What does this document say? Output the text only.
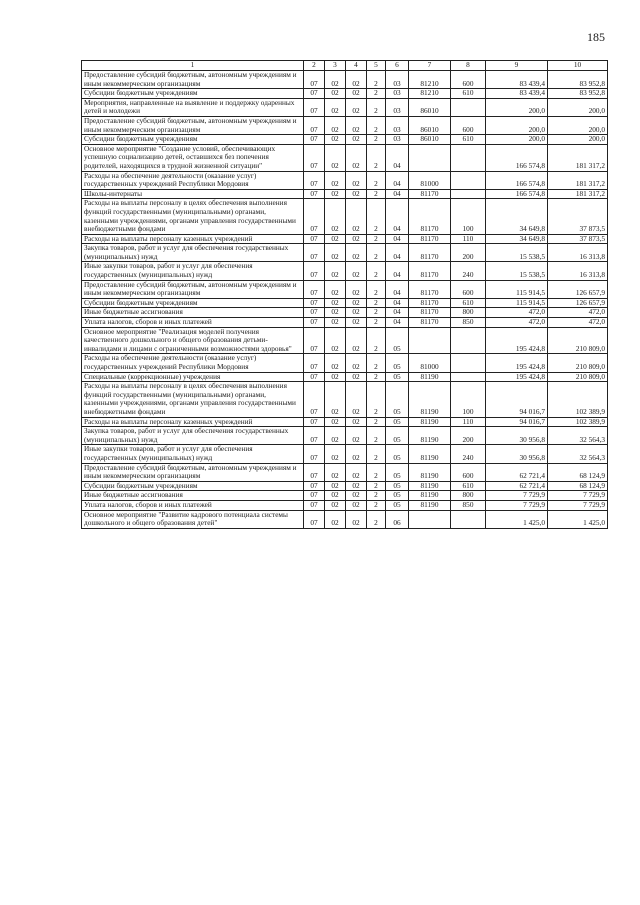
185
1	2	3	4	5	6	7	8	9	10
Предоставление субсидий бюджетным, автономным учреждениям и иным некоммерческим организациям	07	02	02	2	03	81210	600	83 439,4	83 952,8
Субсидии бюджетным учреждениям	07	02	02	2	03	81210	610	83 439,4	83 952,8
Мероприятия, направленные на выявление и поддержку одаренных детей и молодежи	07	02	02	2	03	86010		200,0	200,0
Предоставление субсидий бюджетным, автономным учреждениям и иным некоммерческим организациям	07	02	02	2	03	86010	600	200,0	200,0
Субсидии бюджетным учреждениям	07	02	02	2	03	86010	610	200,0	200,0
Основное мероприятие "Создание условий, обеспечивающих успешную социализацию детей, оставшихся без попечения родителей, находящихся в трудной жизненной ситуации"	07	02	02	2	04			166 574,8	181 317,2
Расходы на обеспечение деятельности (оказание услуг) государственных учреждений Республики Мордовия	07	02	02	2	04	81000		166 574,8	181 317,2
Школы-интернаты	07	02	02	2	04	81170		166 574,8	181 317,2
Расходы на выплаты персоналу в целях обеспечения выполнения функций государственными (муниципальными) органами, казенными учреждениями, органами управления государственными внебюджетными фондами	07	02	02	2	04	81170	100	34 649,8	37 873,5
Расходы на выплаты персоналу казенных учреждений	07	02	02	2	04	81170	110	34 649,8	37 873,5
Закупка товаров, работ и услуг для обеспечения государственных (муниципальных) нужд	07	02	02	2	04	81170	200	15 538,5	16 313,8
Иные закупки товаров, работ и услуг для обеспечения государственных (муниципальных) нужд	07	02	02	2	04	81170	240	15 538,5	16 313,8
Предоставление субсидий бюджетным, автономным учреждениям и иным некоммерческим организациям	07	02	02	2	04	81170	600	115 914,5	126 657,9
Субсидии бюджетным учреждениям	07	02	02	2	04	81170	610	115 914,5	126 657,9
Иные бюджетные ассигнования	07	02	02	2	04	81170	800	472,0	472,0
Уплата налогов, сборов и иных платежей	07	02	02	2	04	81170	850	472,0	472,0
Основное мероприятие "Реализация моделей получения качественного дошкольного и общего образования детьми-инвалидами и лицами с ограниченными возможностями здоровья"	07	02	02	2	05			195 424,8	210 809,0
Расходы на обеспечение деятельности (оказание услуг) государственных учреждений Республики Мордовия	07	02	02	2	05	81000		195 424,8	210 809,0
Специальные (коррекционные) учреждения	07	02	02	2	05	81190		195 424,8	210 809,0
Расходы на выплаты персоналу в целях обеспечения выполнения функций государственными (муниципальными) органами, казенными учреждениями, органами управления государственными внебюджетными фондами	07	02	02	2	05	81190	100	94 016,7	102 389,9
Расходы на выплаты персоналу казенных учреждений	07	02	02	2	05	81190	110	94 016,7	102 389,9
Закупка товаров, работ и услуг для обеспечения государственных (муниципальных) нужд	07	02	02	2	05	81190	200	30 956,8	32 564,3
Иные закупки товаров, работ и услуг для обеспечения государственных (муниципальных) нужд	07	02	02	2	05	81190	240	30 956,8	32 564,3
Предоставление субсидий бюджетным, автономным учреждениям и иным некоммерческим организациям	07	02	02	2	05	81190	600	62 721,4	68 124,9
Субсидии бюджетным учреждениям	07	02	02	2	05	81190	610	62 721,4	68 124,9
Иные бюджетные ассигнования	07	02	02	2	05	81190	800	7 729,9	7 729,9
Уплата налогов, сборов и иных платежей	07	02	02	2	05	81190	850	7 729,9	7 729,9
Основное мероприятие "Развитие кадрового потенциала системы дошкольного и общего образования детей"	07	02	02	2	06			1 425,0	1 425,0
